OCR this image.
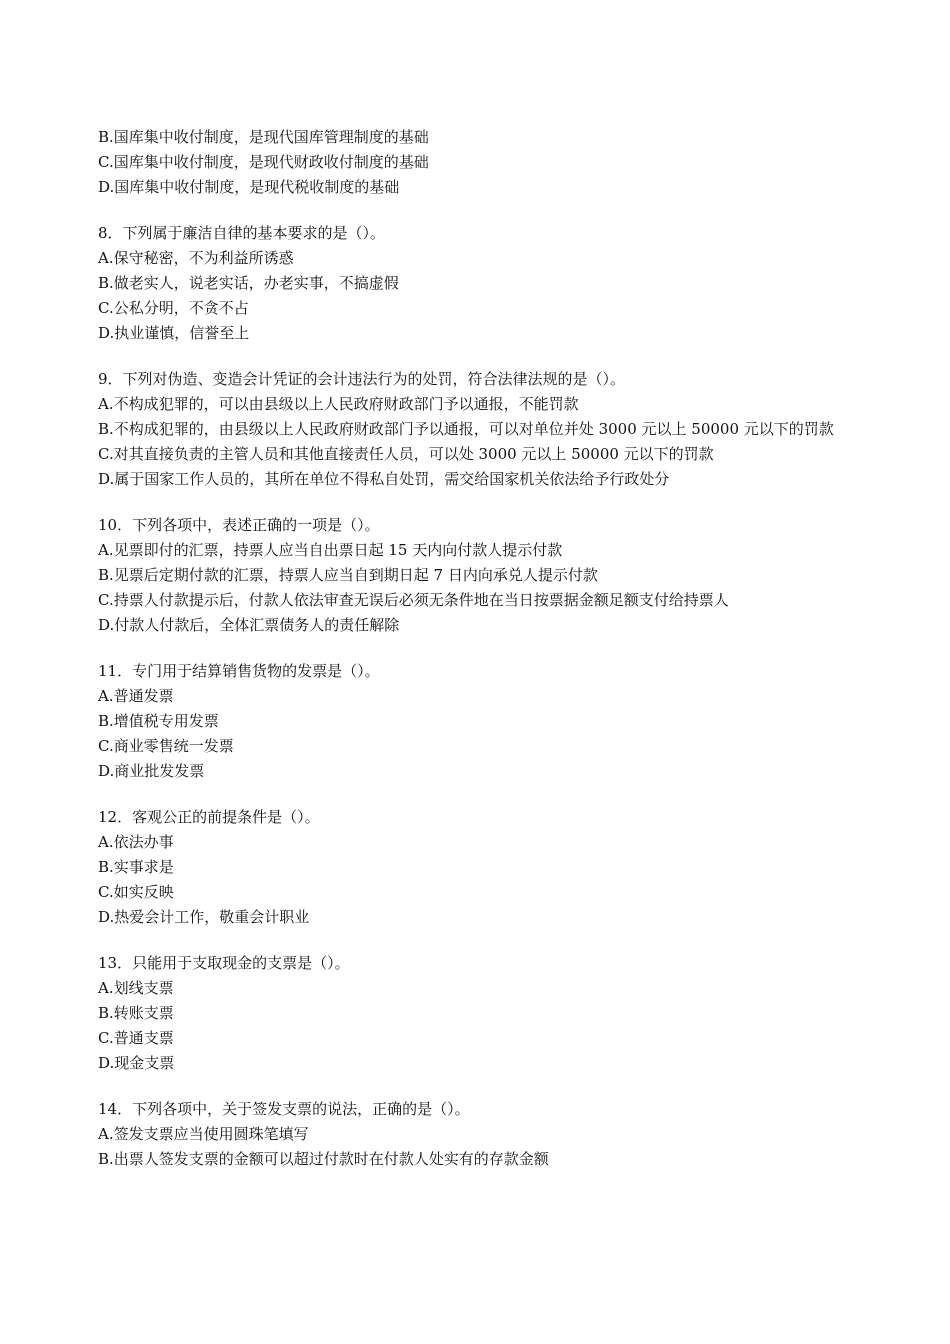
B.国库集中收付制度，是现代国库管理制度的基础
C.国库集中收付制度，是现代财政收付制度的基础
D.国库集中收付制度，是现代税收制度的基础
8．下列属于廉洁自律的基本要求的是（）。
A.保守秘密，不为利益所诱惑
B.做老实人，说老实话，办老实事，不搞虚假
C.公私分明，不贪不占
D.执业谨慎，信誉至上
9．下列对伪造、变造会计凭证的会计违法行为的处罚，符合法律法规的是（）。
A.不构成犯罪的，可以由县级以上人民政府财政部门予以通报，不能罚款
B.不构成犯罪的，由县级以上人民政府财政部门予以通报，可以对单位并处 3000 元以上 50000 元以下的罚款
C.对其直接负责的主管人员和其他直接责任人员，可以处 3000 元以上 50000 元以下的罚款
D.属于国家工作人员的，其所在单位不得私自处罚，需交给国家机关依法给予行政处分
10．下列各项中，表述正确的一项是（）。
A.见票即付的汇票，持票人应当自出票日起 15 天内向付款人提示付款
B.见票后定期付款的汇票，持票人应当自到期日起 7 日内向承兑人提示付款
C.持票人付款提示后，付款人依法审查无误后必须无条件地在当日按票据金额足额支付给持票人
D.付款人付款后，全体汇票债务人的责任解除
11．专门用于结算销售货物的发票是（）。
A.普通发票
B.增值税专用发票
C.商业零售统一发票
D.商业批发发票
12．客观公正的前提条件是（）。
A.依法办事
B.实事求是
C.如实反映
D.热爱会计工作，敬重会计职业
13．只能用于支取现金的支票是（）。
A.划线支票
B.转账支票
C.普通支票
D.现金支票
14．下列各项中，关于签发支票的说法，正确的是（）。
A.签发支票应当使用圆珠笔填写
B.出票人签发支票的金额可以超过付款时在付款人处实有的存款金额
